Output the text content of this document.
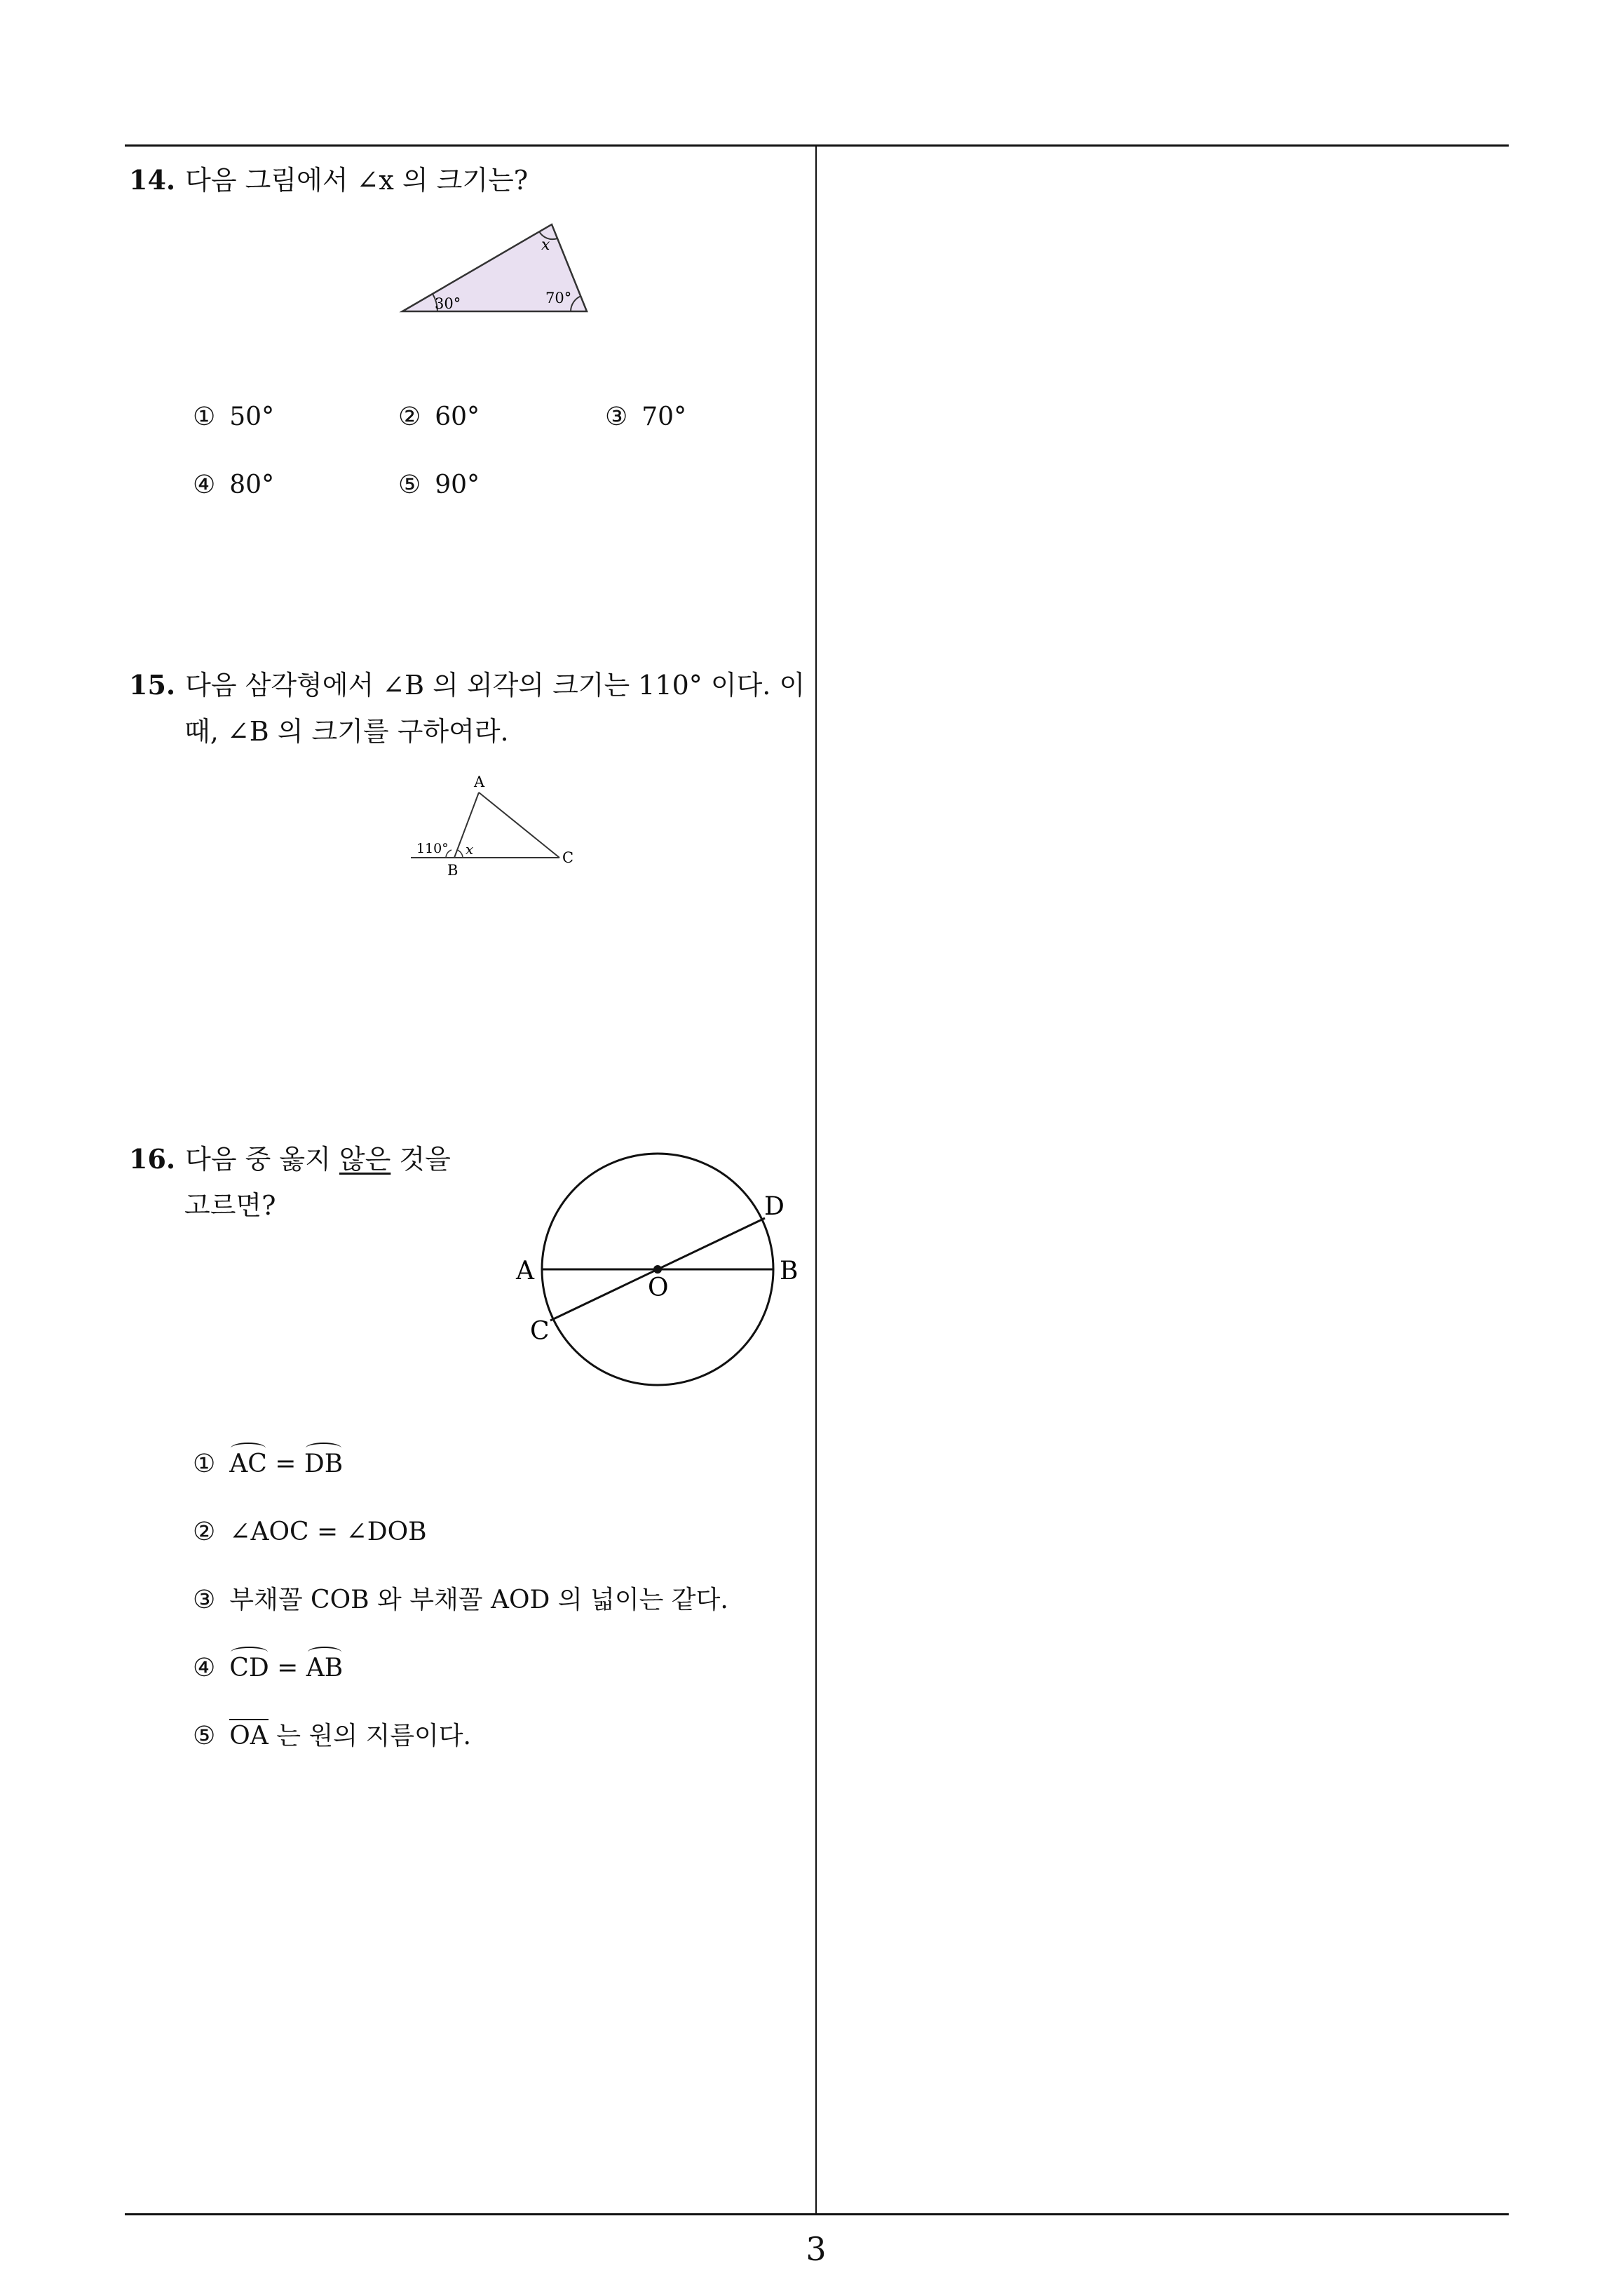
14. 다음 그림에서 ∠x 의 크기는?
30°	70°
x
① 50°	② 60°	③ 70°
④ 80°	⑤ 90°
15. 다음 삼각형에서 ∠B 의 외각의 크기는 110° 이다. 이
때, ∠B 의 크기를 구하여라.
A
B
C
110° x
16. 다음 중 옳지 않은 것을
고르면?
A	B
C
D
O
① AC = DB
② ∠AOC = ∠DOB
③ 부채꼴 COB 와 부채꼴 AOD 의 넓이는 같다.
④ CD = AB
⑤ OA 는 원의 지름이다.
3
